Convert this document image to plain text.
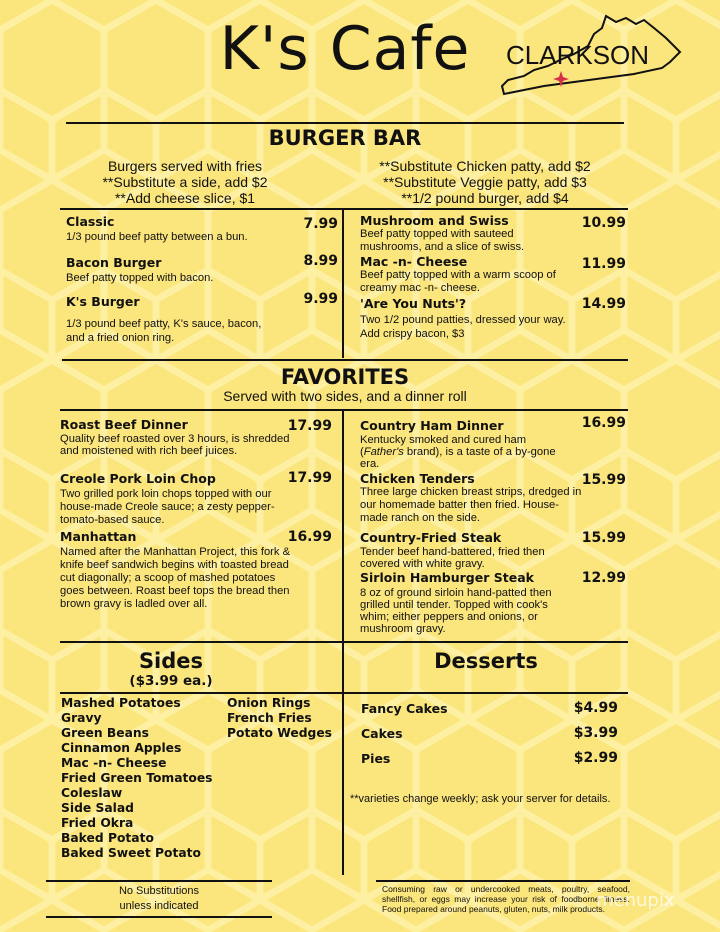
K's Cafe	CLARKSON
BURGER BAR
Burgers served with fries
**Substitute a side, add $2
**Add cheese slice, $1
**Substitute Chicken patty, add $2
**Substitute Veggie patty, add $3
**1/2 pound burger, add $4
Classic
1/3 pound beef patty between a bun.
7.99
Bacon Burger
Beef patty topped with bacon.
8.99
K's Burger
1/3 pound beef patty, K's sauce, bacon, and a fried onion ring.
9.99
Mushroom and Swiss
Beef patty topped with sauteed mushrooms, and a slice of swiss.
10.99
Mac -n- Cheese
Beef patty topped with a warm scoop of creamy mac -n- cheese.
11.99
'Are You Nuts'?
Two 1/2 pound patties, dressed your way. Add crispy bacon, $3
14.99
FAVORITES
Served with two sides, and a dinner roll
Roast Beef Dinner
Quality beef roasted over 3 hours, is shredded and moistened with rich beef juices.
17.99
Creole Pork Loin Chop
Two grilled pork loin chops topped with our house-made Creole sauce; a zesty pepper-tomato-based sauce.
17.99
Manhattan
Named after the Manhattan Project, this fork & knife beef sandwich begins with toasted bread cut diagonally; a scoop of mashed potatoes goes between. Roast beef tops the bread then brown gravy is ladled over all.
16.99
Country Ham Dinner
Kentucky smoked and cured ham (Father's brand), is a taste of a by-gone era.
16.99
Chicken Tenders
Three large chicken breast strips, dredged in our homemade batter then fried. House-made ranch on the side.
15.99
Country-Fried Steak
Tender beef hand-battered, fried then covered with white gravy.
15.99
Sirloin Hamburger Steak
8 oz of ground sirloin hand-patted then grilled until tender. Topped with cook's whim; either peppers and onions, or mushroom gravy.
12.99
Sides
($3.99 ea.)
Mashed Potatoes
Gravy
Green Beans
Cinnamon Apples
Mac -n- Cheese
Fried Green Tomatoes
Coleslaw
Side Salad
Fried Okra
Baked Potato
Baked Sweet Potato
Onion Rings
French Fries
Potato Wedges
Desserts
Fancy Cakes	$4.99
Cakes	$3.99
Pies	$2.99
**varieties change weekly; ask your server for details.
No Substitutions
unless indicated
Consuming raw or undercooked meats, poultry, seafood, shellfish, or eggs may increase your risk of foodborne illness. Food prepared around peanuts, gluten, nuts, milk products.
menupix
